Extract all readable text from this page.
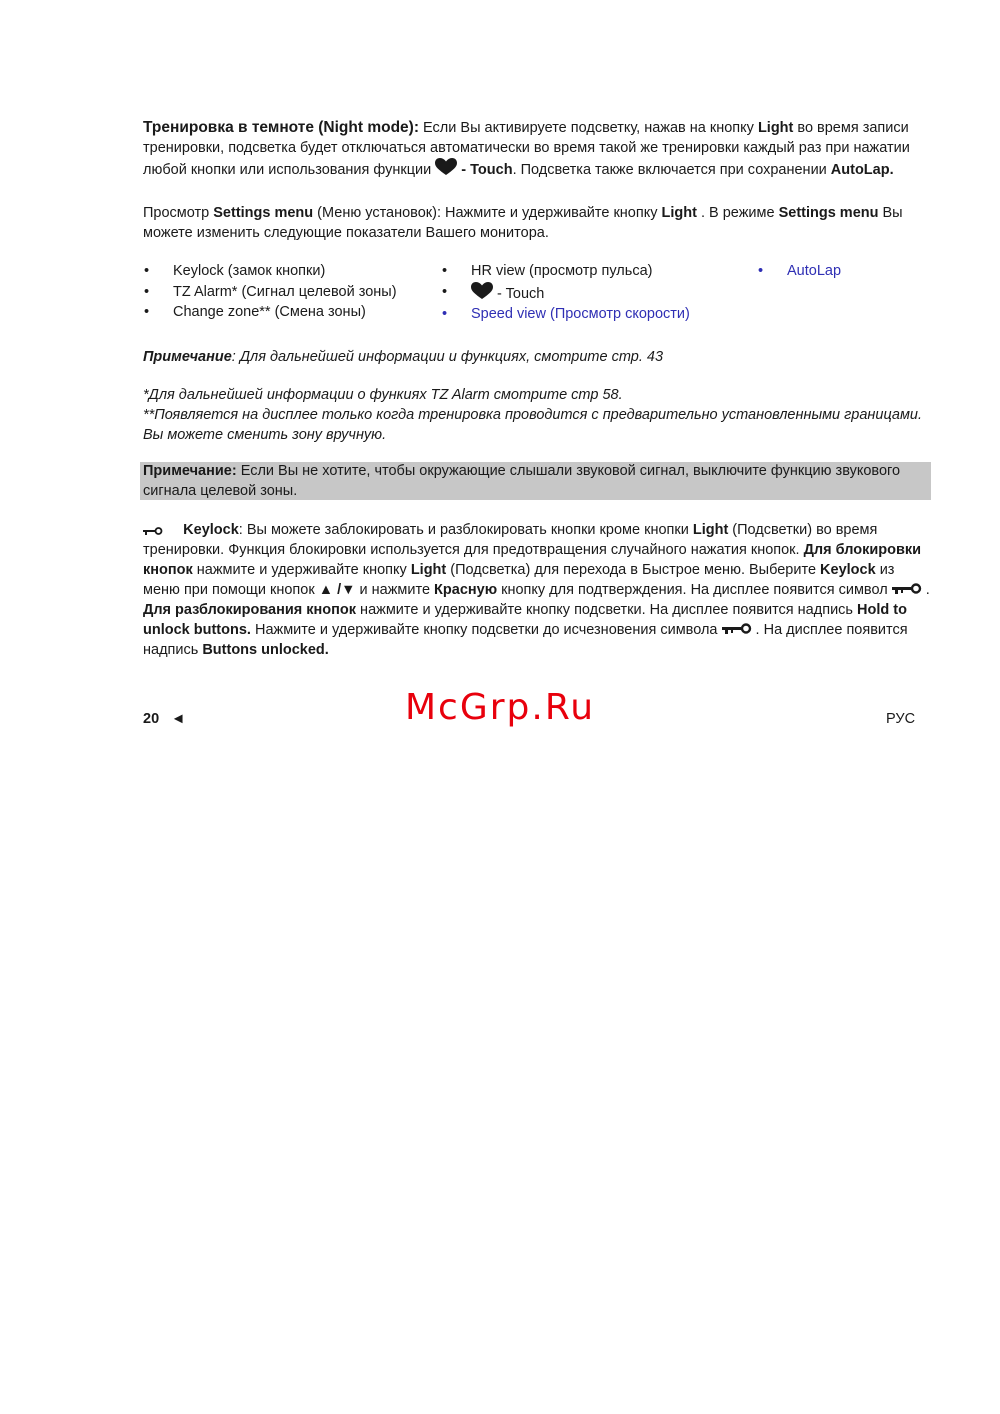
Тренировка в темноте (Night mode): Если Вы активируете подсветку, нажав на кнопку Light во время записи тренировки, подсветка будет отключаться автоматически во время такой же тренировки каждый раз при нажатии любой кнопки или использования функции  - Touch. Подсветка также включается при сохранении AutoLap.

Просмотр Settings menu (Меню установок): Нажмите и удерживайте кнопку Light . В режиме Settings menu Вы можете изменить следующие показатели Вашего монитора.

• Keylock (замок кнопки)
• TZ Alarm* (Сигнал целевой зоны)
• Change zone** (Смена зоны)
• HR view (просмотр пульса)
• - Touch
• Speed view (Просмотр скорости)
• AutoLap

Примечание: Для дальнейшей информации и функциях, смотрите стр. 43

*Для дальнейшей информации о функиях TZ Alarm смотрите стр 58.

**Появляется на дисплее только когда тренировка проводится с предварительно установленными границами. Вы можете сменить зону вручную.

Примечание: Если Вы не хотите, чтобы окружающие слышали звуковой сигнал, выключите функцию звукового сигнала целевой зоны.

Keylock: Вы можете заблокировать и разблокировать кнопки кроме кнопки Light (Подсветки) во время тренировки. Функция блокировки используется для предотвращения случайного нажатия кнопок. Для блокировки кнопок нажмите и удерживайте кнопку Light (Подсветка) для перехода в Быстрое меню. Выберите Keylock из меню при помощи кнопок ▲ /▼ и нажмите Красную кнопку для подтверждения. На дисплее появится символ  . Для разблокирования кнопок нажмите и удерживайте кнопку подсветки. На дисплее появится надпись Hold to unlock buttons. Нажмите и удерживайте кнопку подсветки до исчезновения символа  . На дисплее появится надпись Buttons unlocked.

20 ◄	McGrp.Ru	РУС
